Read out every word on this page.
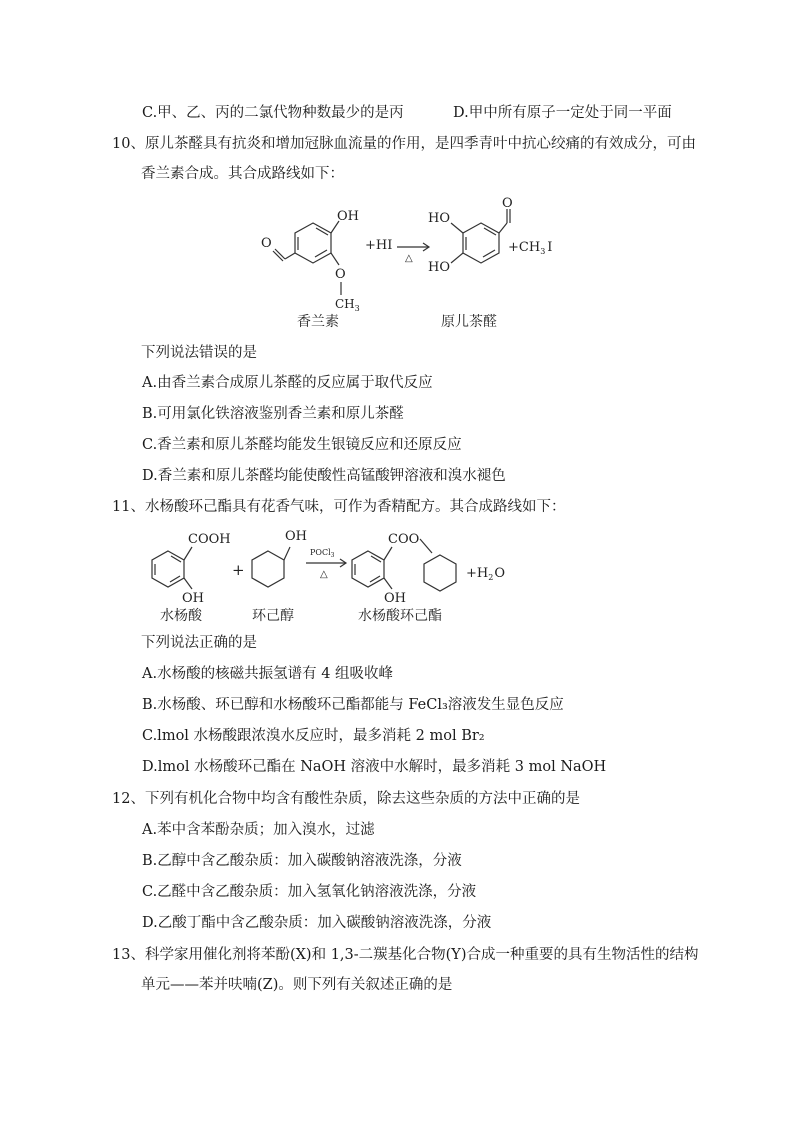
C.甲、乙、丙的二氯代物种数最少的是丙	D.甲中所有原子一定处于同一平面
10、原儿茶醛具有抗炎和增加冠脉血流量的作用，是四季青叶中抗心绞痛的有效成分，可由
香兰素合成。其合成路线如下：
OH
O
O
$CH_3$
香兰素
+HI
△
HO
HO
O
原儿茶醛
$+CH_3$ I
下列说法错误的是
A.由香兰素合成原儿茶醛的反应属于取代反应
B.可用氯化铁溶液鉴别香兰素和原儿茶醛
C.香兰素和原儿茶醛均能发生银镜反应和还原反应
D.香兰素和原儿茶醛均能使酸性高锰酸钾溶液和溴水褪色
11、水杨酸环己酯具有花香气味，可作为香精配方。其合成路线如下：
COOH
OH
水杨酸
+
OH
环己醇
POCl$_3$
△
COO
OH
水杨酸环己酯
$+H_2O$
下列说法正确的是
A.水杨酸的核磁共振氢谱有 4 组吸收峰
B.水杨酸、环已醇和水杨酸环己酯都能与 FeCl₃溶液发生显色反应
C.lmol 水杨酸跟浓溴水反应时，最多消耗 2 mol Br₂
D.lmol 水杨酸环己酯在 NaOH 溶液中水解时，最多消耗 3 mol NaOH
12、下列有机化合物中均含有酸性杂质，除去这些杂质的方法中正确的是
A.苯中含苯酚杂质；加入溴水，过滤
B.乙醇中含乙酸杂质：加入碳酸钠溶液洗涤，分液
C.乙醛中含乙酸杂质：加入氢氧化钠溶液洗涤，分液
D.乙酸丁酯中含乙酸杂质：加入碳酸钠溶液洗涤，分液
13、科学家用催化剂将苯酚(X)和 1,3-二羰基化合物(Y)合成一种重要的具有生物活性的结构
单元——苯并呋喃(Z)。则下列有关叙述正确的是
